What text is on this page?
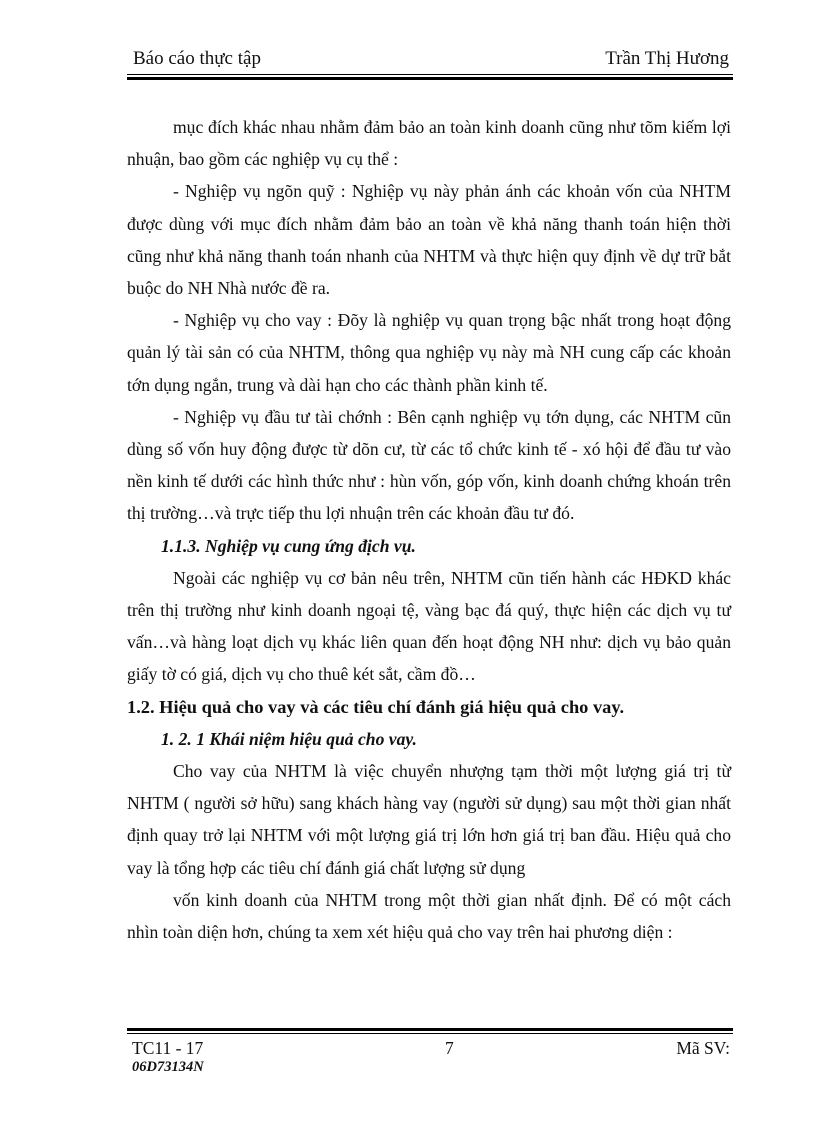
Báo cáo thực tập	Trần Thị Hương

mục đích khác nhau nhằm đảm bảo an toàn kinh doanh cũng như tõm kiếm lợi nhuận, bao gồm các nghiệp vụ cụ thể :

- Nghiệp vụ ngõn quỹ : Nghiệp vụ này phản ánh các khoản vốn của NHTM được dùng với mục đích nhằm đảm bảo an toàn về khả năng thanh toán hiện thời cũng như khả năng thanh toán nhanh của NHTM và thực hiện quy định về dự trữ bắt buộc do NH Nhà nước đề ra.

- Nghiệp vụ cho vay : Đõy là nghiệp vụ quan trọng bậc nhất trong hoạt động quản lý tài sản có của NHTM, thông qua nghiệp vụ này mà NH cung cấp các khoản tớn dụng ngắn, trung và dài hạn cho các thành phần kinh tế.

- Nghiệp vụ đầu tư tài chớnh : Bên cạnh nghiệp vụ tớn dụng, các NHTM cũn dùng số vốn huy động được từ dõn cư, từ các tổ chức kinh tế - xó hội để đầu tư vào nền kinh tế dưới các hình thức như : hùn vốn, góp vốn, kinh doanh chứng khoán trên thị trường…và trực tiếp thu lợi nhuận trên các khoản đầu tư đó.

1.1.3. Nghiệp vụ cung ứng địch vụ.

Ngoài các nghiệp vụ cơ bản nêu trên, NHTM cũn tiến hành các HĐKD khác trên thị trường như kinh doanh ngoại tệ, vàng bạc đá quý, thực hiện các dịch vụ tư vấn…và hàng loạt dịch vụ khác liên quan đến hoạt động NH như: dịch vụ bảo quản giấy tờ có giá, dịch vụ cho thuê két sắt, cầm đồ…

1.2. Hiệu quả cho vay và các tiêu chí đánh giá hiệu quả cho vay.

1. 2. 1 Khái niệm hiệu quả cho vay.

Cho vay của NHTM là việc chuyển nhượng tạm thời một lượng giá trị từ NHTM ( người sở hữu) sang khách hàng vay (người sử dụng) sau một thời gian nhất định quay trở lại NHTM với một lượng giá trị lớn hơn giá trị ban đầu. Hiệu quả cho vay là tổng hợp các tiêu chí đánh giá chất lượng sử dụng

vốn kinh doanh của NHTM trong một thời gian nhất định. Để có một cách nhìn toàn diện hơn, chúng ta xem xét hiệu quả cho vay trên hai phương diện :

TC11 - 17	7	Mã SV:
06D73134N
